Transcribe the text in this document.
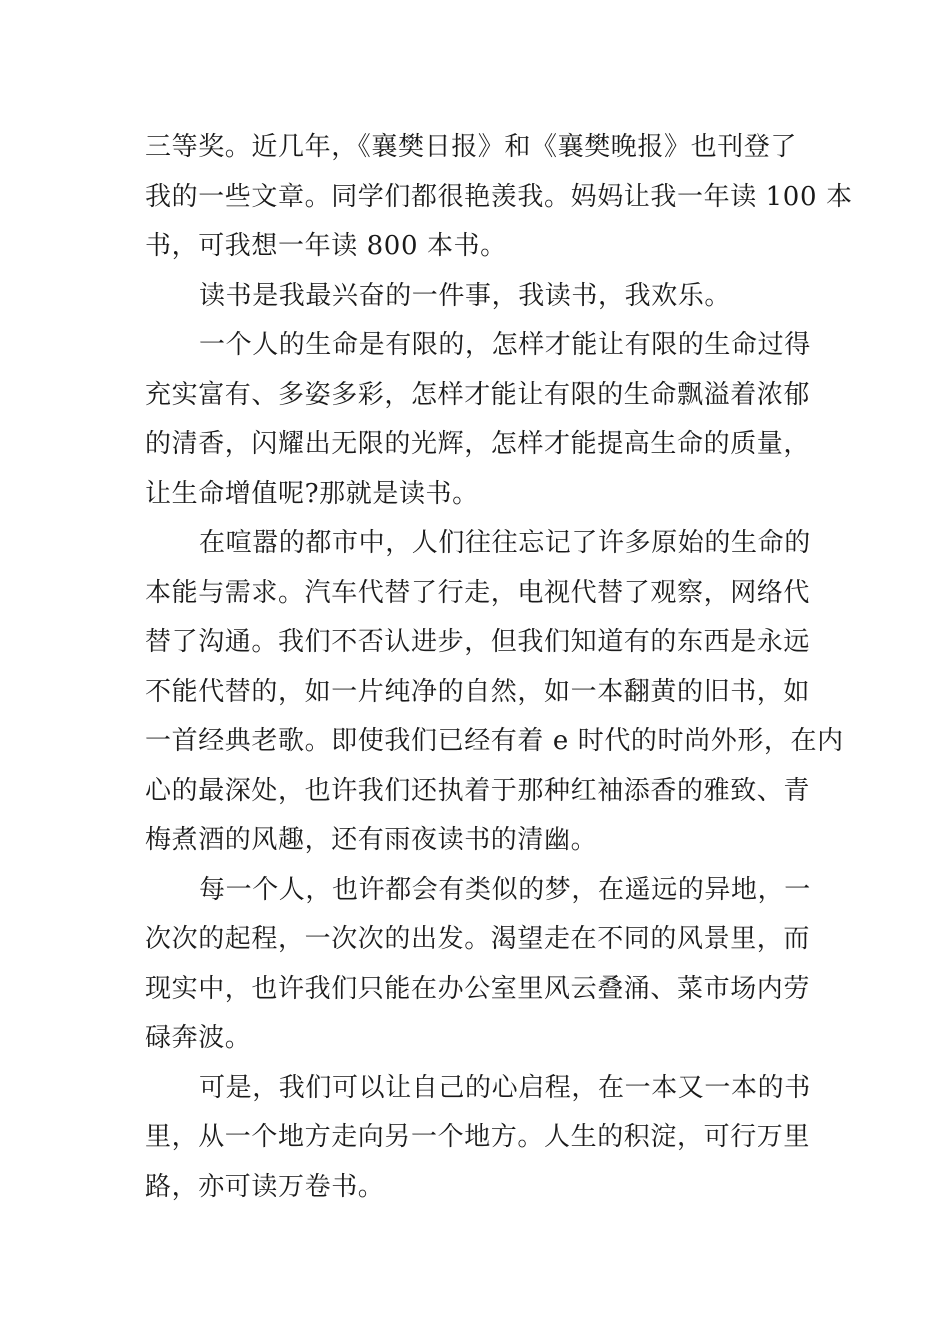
三等奖。近几年，《襄樊日报》和《襄樊晚报》也刊登了
我的一些文章。同学们都很艳羡我。妈妈让我一年读 100 本
书，可我想一年读 800 本书。
读书是我最兴奋的一件事，我读书，我欢乐。
一个人的生命是有限的，怎样才能让有限的生命过得
充实富有、多姿多彩，怎样才能让有限的生命飘溢着浓郁
的清香，闪耀出无限的光辉，怎样才能提高生命的质量，
让生命增值呢?那就是读书。
在喧嚣的都市中，人们往往忘记了许多原始的生命的
本能与需求。汽车代替了行走，电视代替了观察，网络代
替了沟通。我们不否认进步，但我们知道有的东西是永远
不能代替的，如一片纯净的自然，如一本翻黄的旧书，如
一首经典老歌。即使我们已经有着 e 时代的时尚外形，在内
心的最深处，也许我们还执着于那种红袖添香的雅致、青
梅煮酒的风趣，还有雨夜读书的清幽。
每一个人，也许都会有类似的梦，在遥远的异地，一
次次的起程，一次次的出发。渴望走在不同的风景里，而
现实中，也许我们只能在办公室里风云叠涌、菜市场内劳
碌奔波。
可是，我们可以让自己的心启程，在一本又一本的书
里，从一个地方走向另一个地方。人生的积淀，可行万里
路，亦可读万卷书。
